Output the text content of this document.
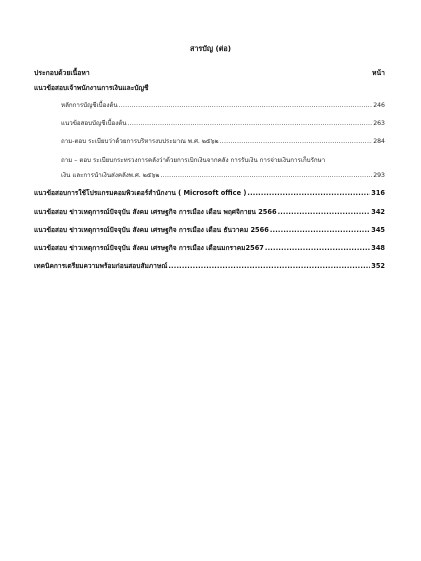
สารบัญ (ต่อ)
ประกอบด้วยเนื้อหา	หน้า
แนวข้อสอบเจ้าพนักงานการเงินและบัญชี
หลักการบัญชีเบื้องต้น .....	246
แนวข้อสอบบัญชีเบื้องต้น .....	263
ถาม-ตอบ ระเบียบว่าด้วยการบริหารงบประมาณ พ.ศ. ๒๕๖๒ .....	284
ถาม – ตอบ ระเบียบกระทรวงการคลังว่าด้วยการเบิกเงินจากคลัง การรับเงิน การจ่ายเงินการเก็บรักษา
เงิน และการนำเงินส่งคลังพ.ศ. ๒๕๖๒ .....	293
แนวข้อสอบการใช้โปรแกรมคอมพิวเตอร์สำนักงาน ( Microsoft office ) .....	316
แนวข้อสอบ ข่าวเหตุการณ์ปัจจุบัน สังคม เศรษฐกิจ การเมือง เดือน พฤศจิกายน 2566 .....	342
แนวข้อสอบ ข่าวเหตุการณ์ปัจจุบัน สังคม เศรษฐกิจ การเมือง เดือน ธันวาคม 2566 .....	345
แนวข้อสอบ ข่าวเหตุการณ์ปัจจุบัน สังคม เศรษฐกิจ การเมือง เดือนมกราคม2567 .....	348
เทคนิคการเตรียมความพร้อมก่อนสอบสัมภาษณ์ .....	352
